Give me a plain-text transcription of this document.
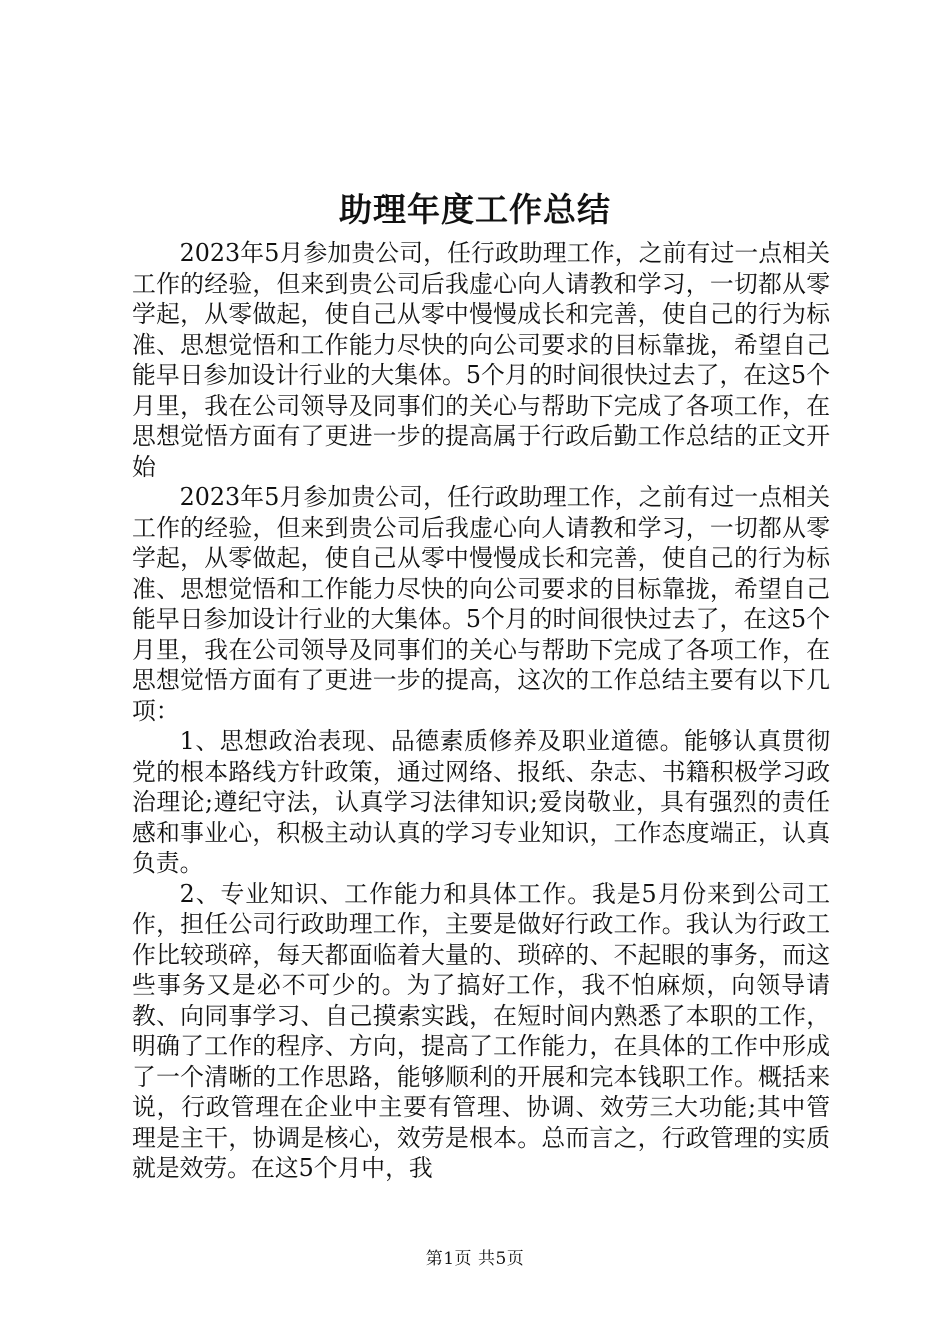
助理年度工作总结

2023年5月参加贵公司，任行政助理工作，之前有过一点相关工作的经验，但来到贵公司后我虚心向人请教和学习，一切都从零学起，从零做起，使自己从零中慢慢成长和完善，使自己的行为标准、思想觉悟和工作能力尽快的向公司要求的目标靠拢，希望自己能早日参加设计行业的大集体。5个月的时间很快过去了，在这5个月里，我在公司领导及同事们的关心与帮助下完成了各项工作，在思想觉悟方面有了更进一步的提高属于行政后勤工作总结的正文开始

2023年5月参加贵公司，任行政助理工作，之前有过一点相关工作的经验，但来到贵公司后我虚心向人请教和学习，一切都从零学起，从零做起，使自己从零中慢慢成长和完善，使自己的行为标准、思想觉悟和工作能力尽快的向公司要求的目标靠拢，希望自己能早日参加设计行业的大集体。5个月的时间很快过去了，在这5个月里，我在公司领导及同事们的关心与帮助下完成了各项工作，在思想觉悟方面有了更进一步的提高，这次的工作总结主要有以下几项：

1、思想政治表现、品德素质修养及职业道德。能够认真贯彻党的根本路线方针政策，通过网络、报纸、杂志、书籍积极学习政治理论;遵纪守法，认真学习法律知识;爱岗敬业，具有强烈的责任感和事业心，积极主动认真的学习专业知识，工作态度端正，认真负责。

2、专业知识、工作能力和具体工作。我是5月份来到公司工作，担任公司行政助理工作，主要是做好行政工作。我认为行政工作比较琐碎，每天都面临着大量的、琐碎的、不起眼的事务，而这些事务又是必不可少的。为了搞好工作，我不怕麻烦，向领导请教、向同事学习、自己摸索实践，在短时间内熟悉了本职的工作，明确了工作的程序、方向，提高了工作能力，在具体的工作中形成了一个清晰的工作思路，能够顺利的开展和完本钱职工作。概括来说，行政管理在企业中主要有管理、协调、效劳三大功能;其中管理是主干，协调是核心，效劳是根本。总而言之，行政管理的实质就是效劳。在这5个月中，我

第1页 共5页
